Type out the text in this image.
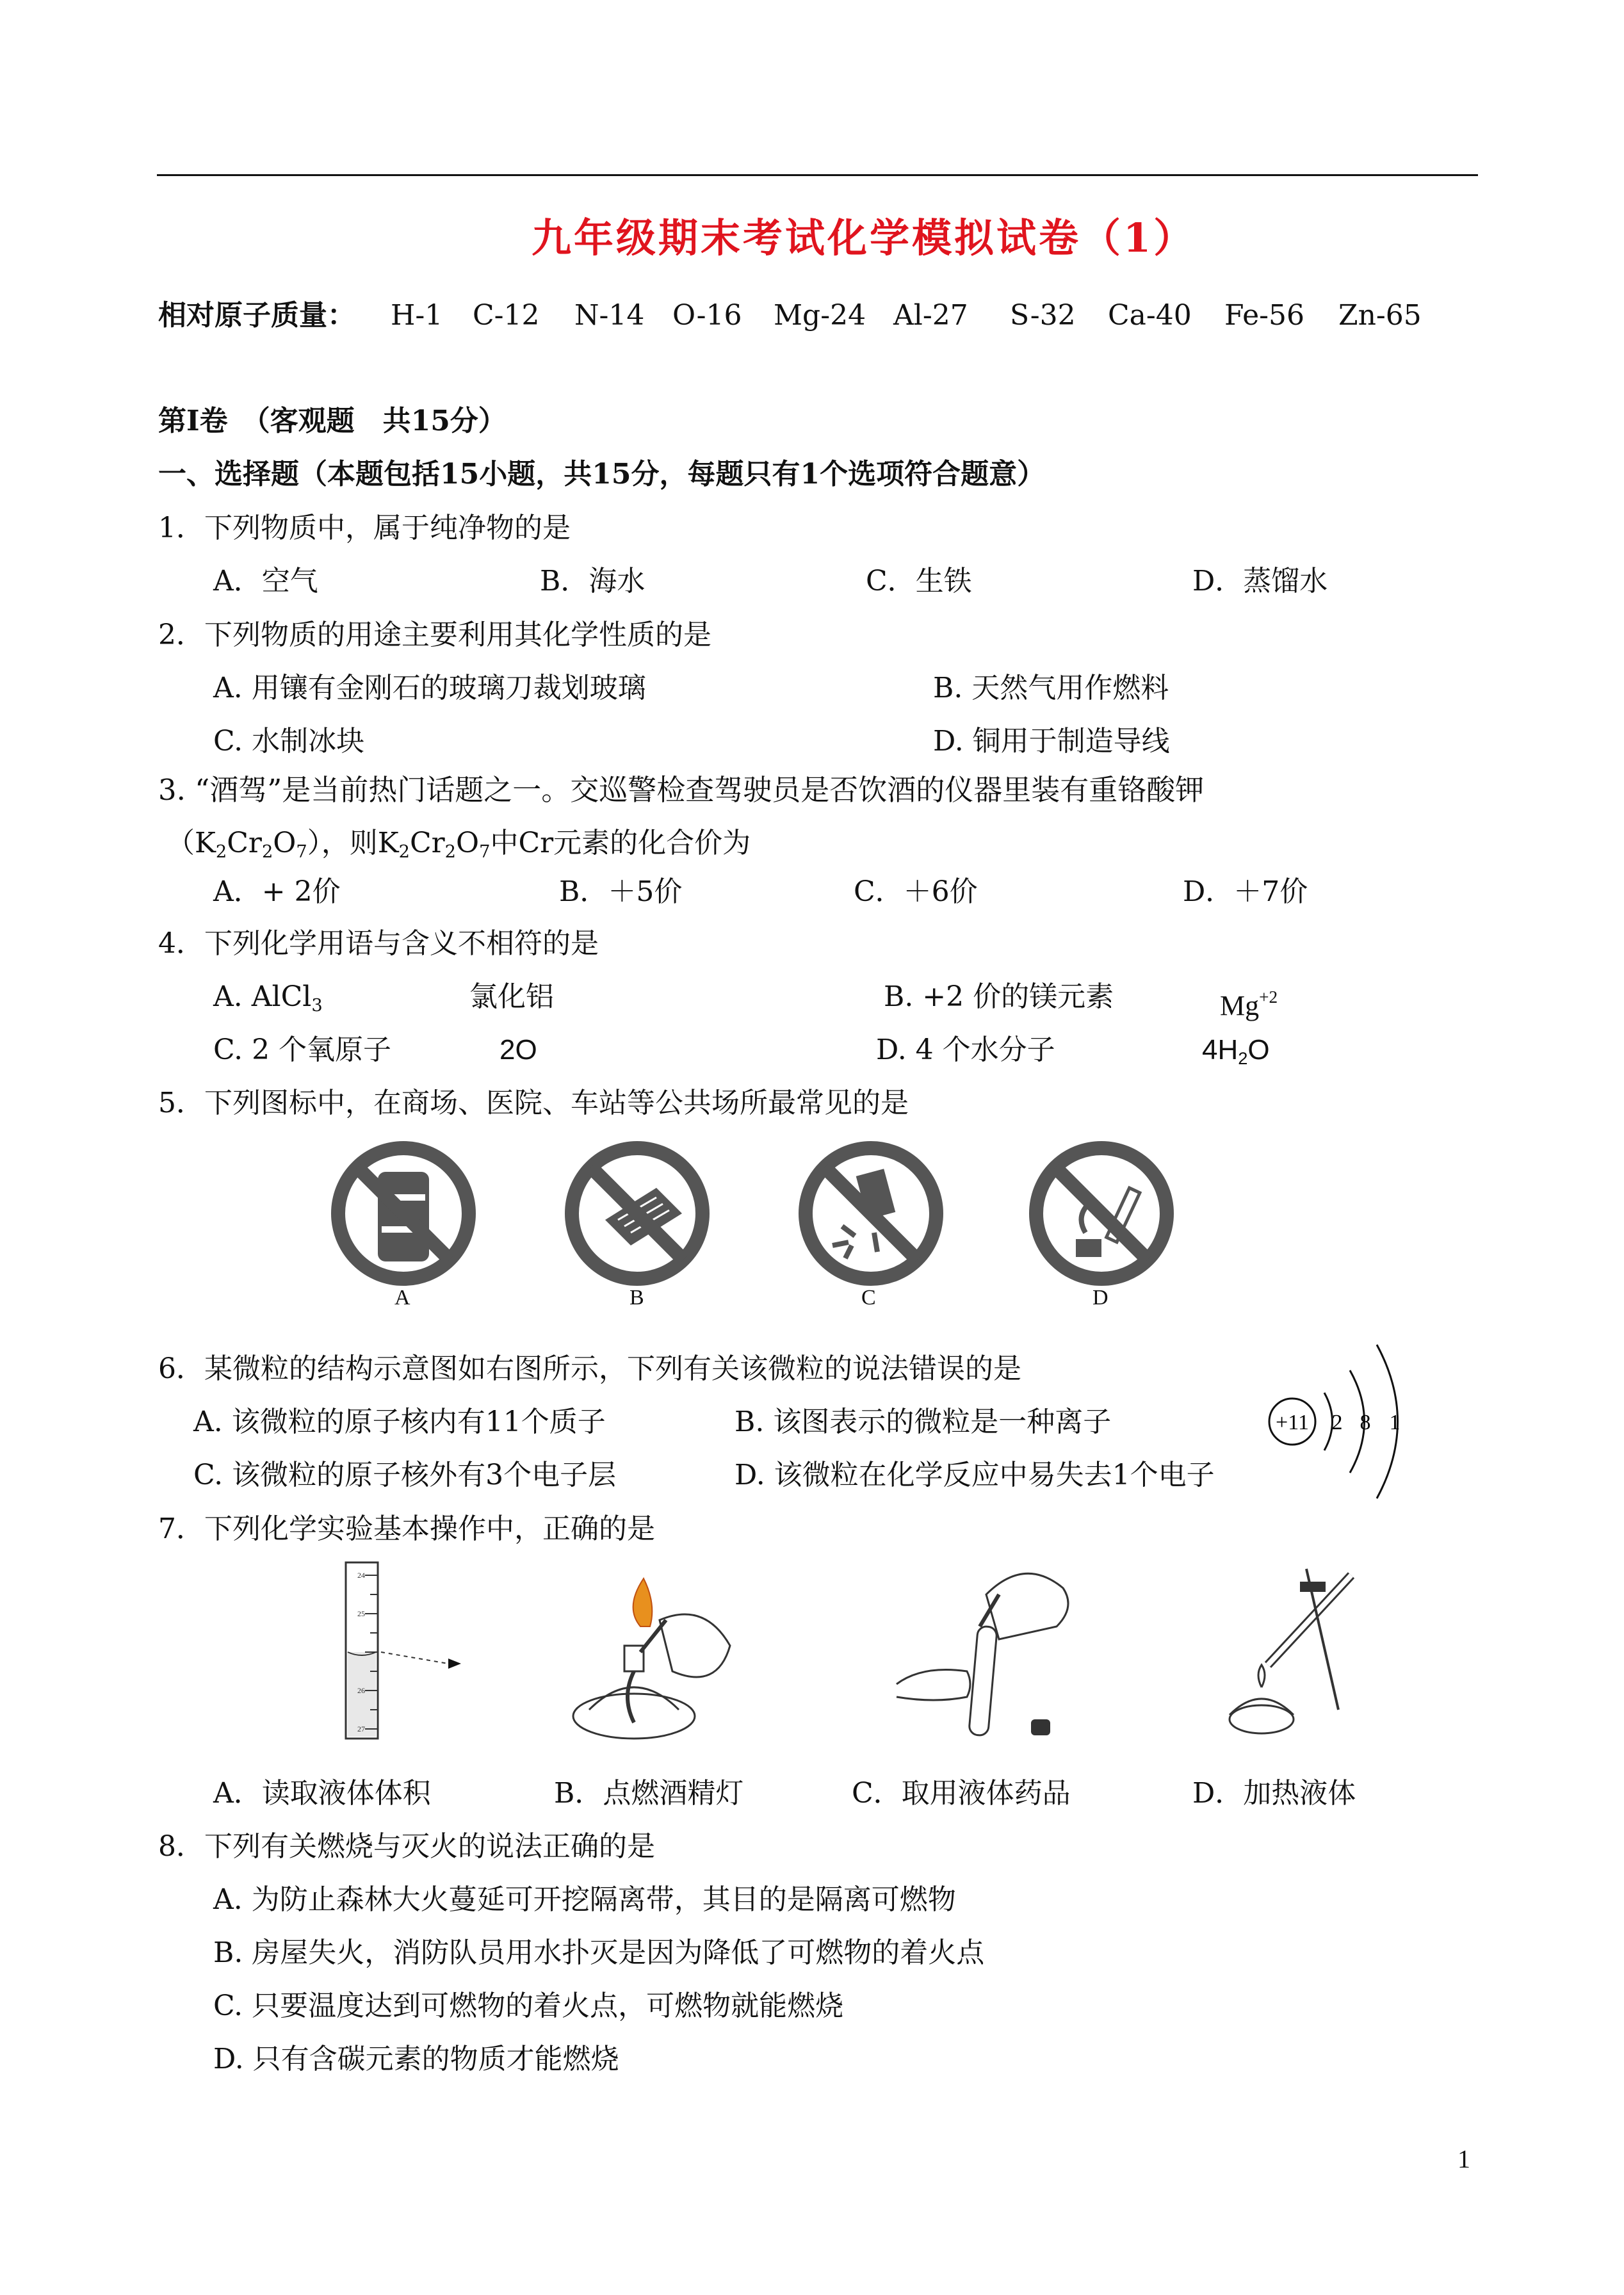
九年级期末考试化学模拟试卷（1）
相对原子质量： H-1 C-12 N-14 O-16 Mg-24 Al-27 S-32 Ca-40 Fe-56 Zn-65
第Ⅰ卷　（客观题　共15分）
一、选择题（本题包括15小题，共15分，每题只有1个选项符合题意）
1．下列物质中，属于纯净物的是
A．空气	B．海水	C．生铁	D．蒸馏水
2．下列物质的用途主要利用其化学性质的是
A. 用镶有金刚石的玻璃刀裁划玻璃	B. 天然气用作燃料
C. 水制冰块	D. 铜用于制造导线
3. “酒驾”是当前热门话题之一。交巡警检查驾驶员是否饮酒的仪器里装有重铬酸钾
$(K_2Cr_2O_7)$，则$K_2Cr_2O_7$中Cr元素的化合价为
A．+ 2价	B．＋5价	C．＋6价	D．＋7价
4．下列化学用语与含义不相符的是
A. AlCl$_3$	氯化铝	B. +2 价的镁元素	$Mg^{+2}$
C. 2 个氧原子	2O	D. 4 个水分子	$4H_2O$
5．下列图标中，在商场、医院、车站等公共场所最常见的是
A	B	C	D
6．某微粒的结构示意图如右图所示，下列有关该微粒的说法错误的是
A. 该微粒的原子核内有11个质子	B. 该图表示的微粒是一种离子
C. 该微粒的原子核外有3个电子层	D. 该微粒在化学反应中易失去1个电子
+11 2 8 1
7．下列化学实验基本操作中，正确的是
24
25
26
27
A．读取液体体积	B．点燃酒精灯	C．取用液体药品	D．加热液体
8．下列有关燃烧与灭火的说法正确的是
A. 为防止森林大火蔓延可开挖隔离带，其目的是隔离可燃物
B. 房屋失火，消防队员用水扑灭是因为降低了可燃物的着火点
C. 只要温度达到可燃物的着火点，可燃物就能燃烧
D. 只有含碳元素的物质才能燃烧
1
